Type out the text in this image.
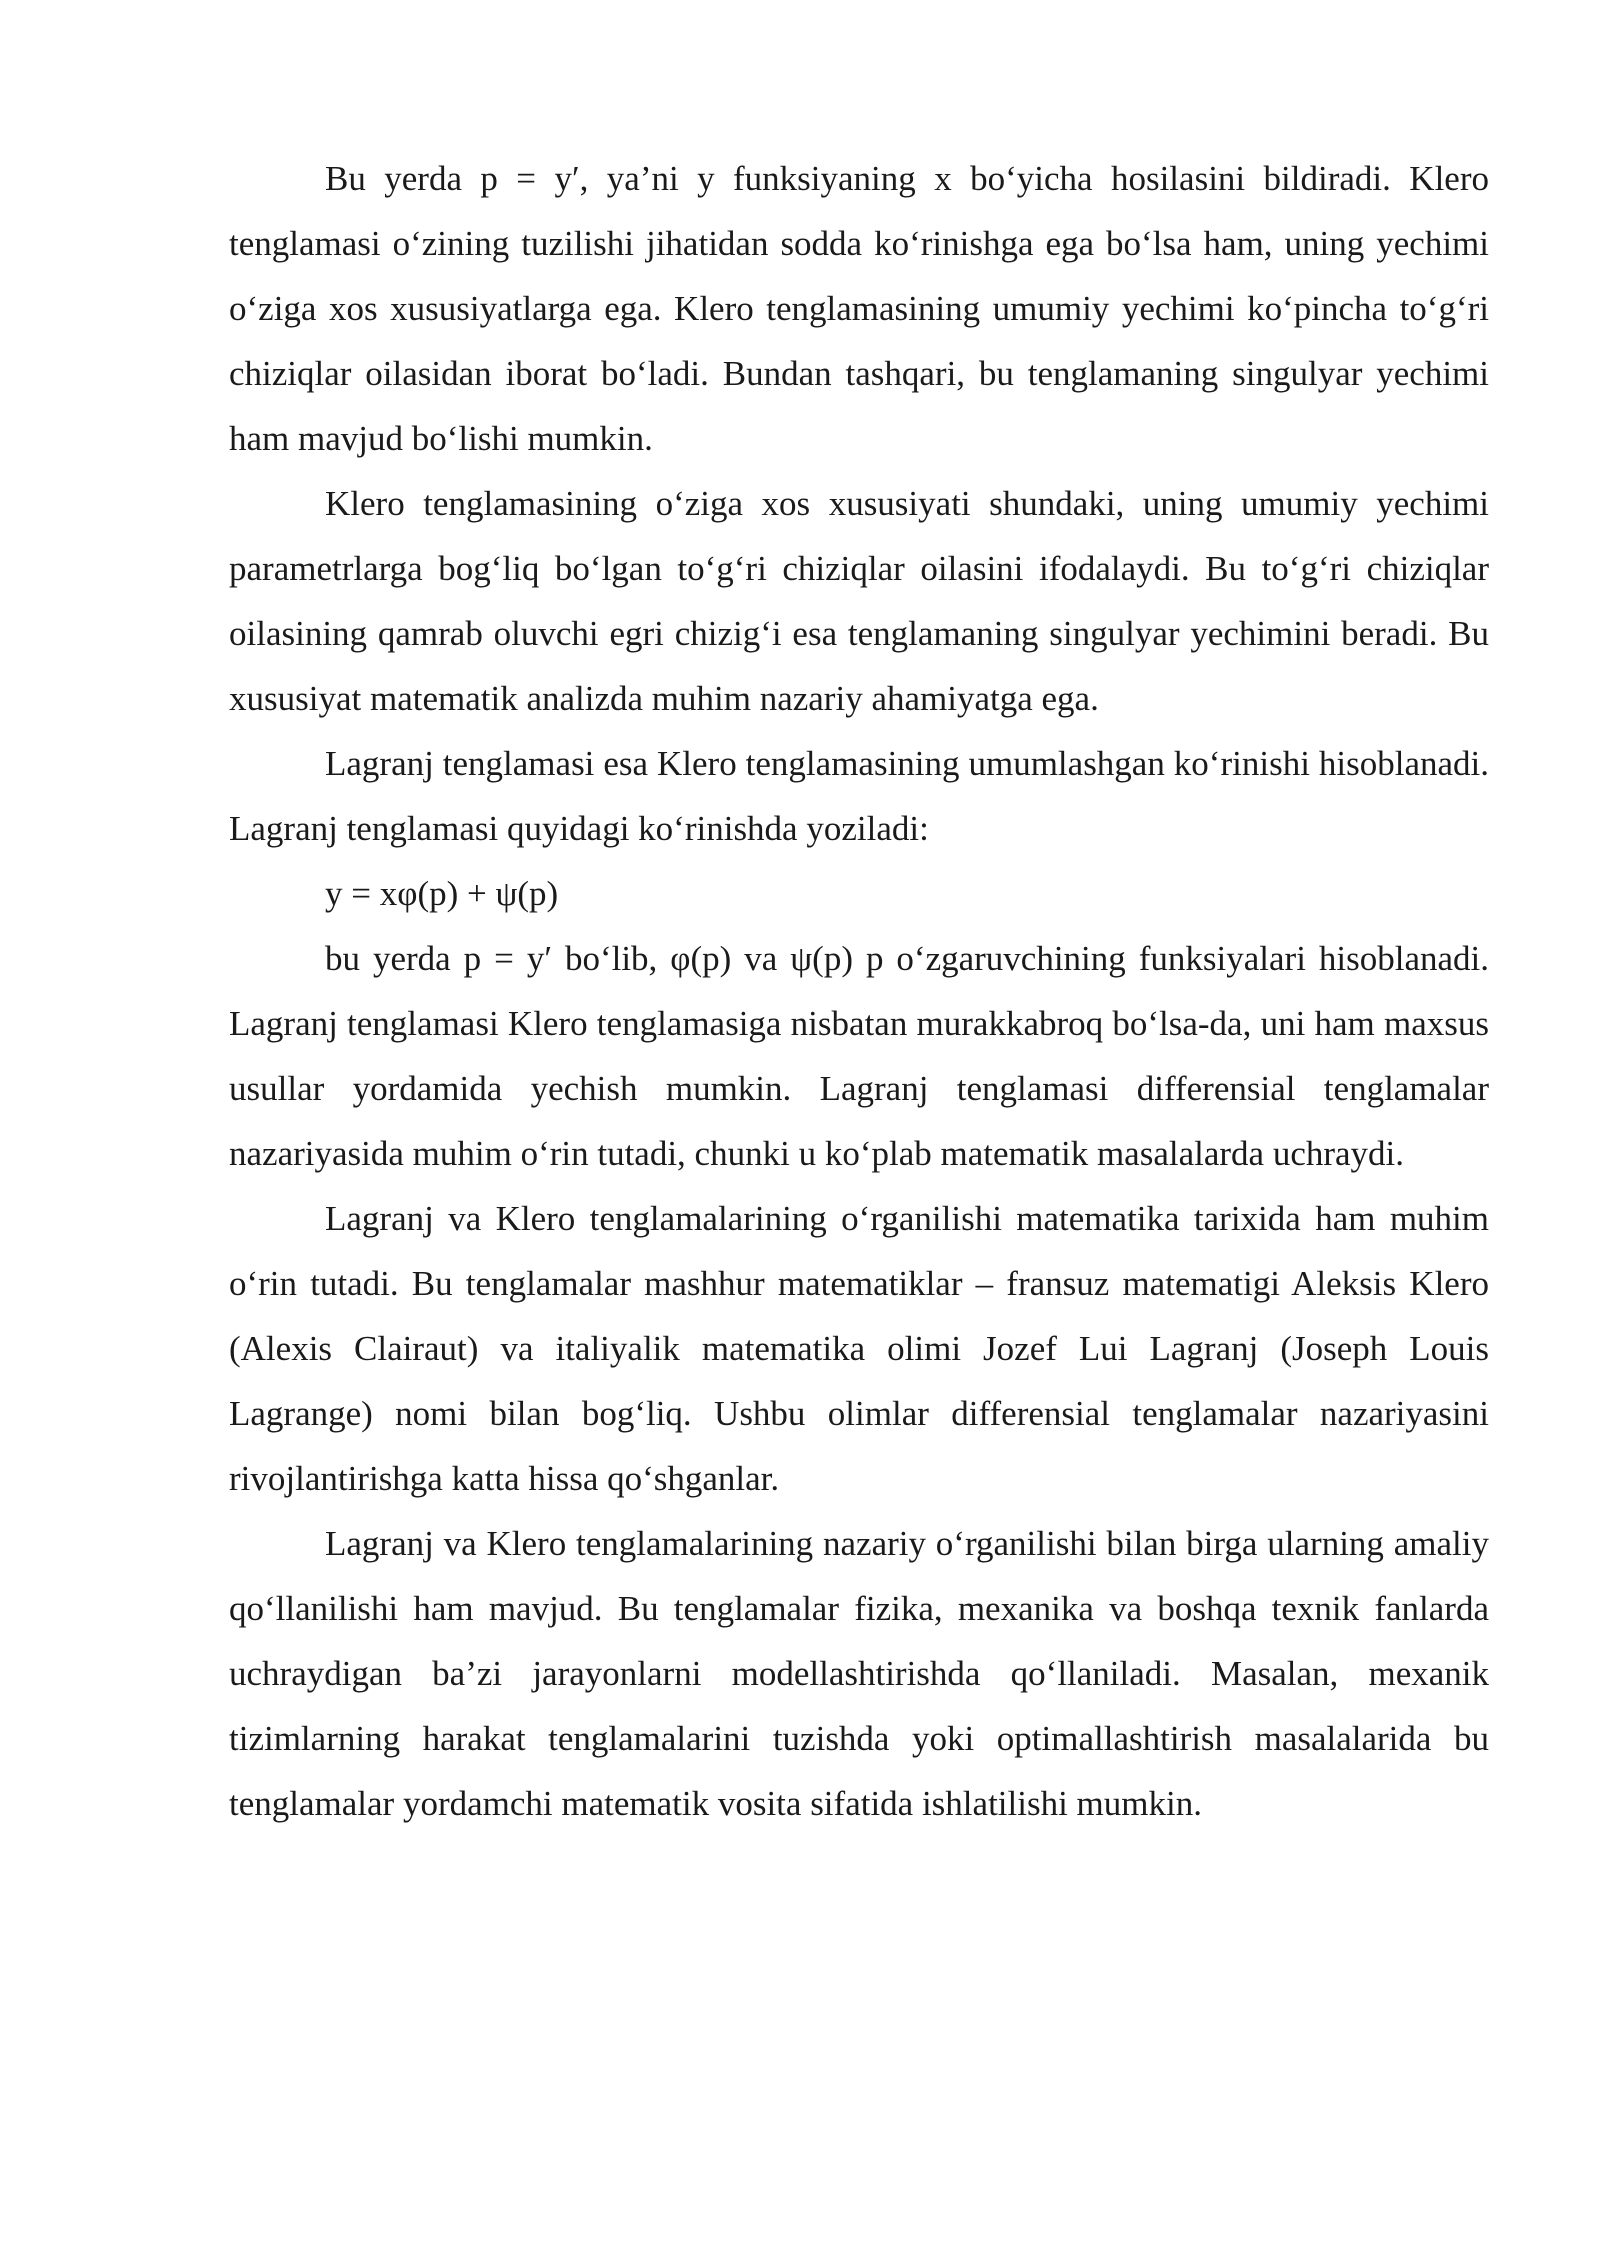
Bu yerda p = y′, ya’ni y funksiyaning x bo‘yicha hosilasini bildiradi. Klero tenglamasi o‘zining tuzilishi jihatidan sodda ko‘rinishga ega bo‘lsa ham, uning yechimi o‘ziga xos xususiyatlarga ega. Klero tenglamasining umumiy yechimi ko‘pincha to‘g‘ri chiziqlar oilasidan iborat bo‘ladi. Bundan tashqari, bu tenglamaning singulyar yechimi ham mavjud bo‘lishi mumkin.

Klero tenglamasining o‘ziga xos xususiyati shundaki, uning umumiy yechimi parametrlarga bog‘liq bo‘lgan to‘g‘ri chiziqlar oilasini ifodalaydi. Bu to‘g‘ri chiziqlar oilasining qamrab oluvchi egri chizig‘i esa tenglamaning singulyar yechimini beradi. Bu xususiyat matematik analizda muhim nazariy ahamiyatga ega.

Lagranj tenglamasi esa Klero tenglamasining umumlashgan ko‘rinishi hisoblanadi. Lagranj tenglamasi quyidagi ko‘rinishda yoziladi:

y = xφ(p) + ψ(p)

bu yerda p = y′ bo‘lib, φ(p) va ψ(p) p o‘zgaruvchining funksiyalari hisoblanadi. Lagranj tenglamasi Klero tenglamasiga nisbatan murakkabroq bo‘lsa-da, uni ham maxsus usullar yordamida yechish mumkin. Lagranj tenglamasi differensial tenglamalar nazariyasida muhim o‘rin tutadi, chunki u ko‘plab matematik masalalarda uchraydi.

Lagranj va Klero tenglamalarining o‘rganilishi matematika tarixida ham muhim o‘rin tutadi. Bu tenglamalar mashhur matematiklar – fransuz matematigi Aleksis Klero (Alexis Clairaut) va italiyalik matematika olimi Jozef Lui Lagranj (Joseph Louis Lagrange) nomi bilan bog‘liq. Ushbu olimlar differensial tenglamalar nazariyasini rivojlantirishga katta hissa qo‘shganlar.

Lagranj va Klero tenglamalarining nazariy o‘rganilishi bilan birga ularning amaliy qo‘llanilishi ham mavjud. Bu tenglamalar fizika, mexanika va boshqa texnik fanlarda uchraydigan ba’zi jarayonlarni modellashtirishda qo‘llaniladi. Masalan, mexanik tizimlarning harakat tenglamalarini tuzishda yoki optimallashtirish masalalarida bu tenglamalar yordamchi matematik vosita sifatida ishlatilishi mumkin.
